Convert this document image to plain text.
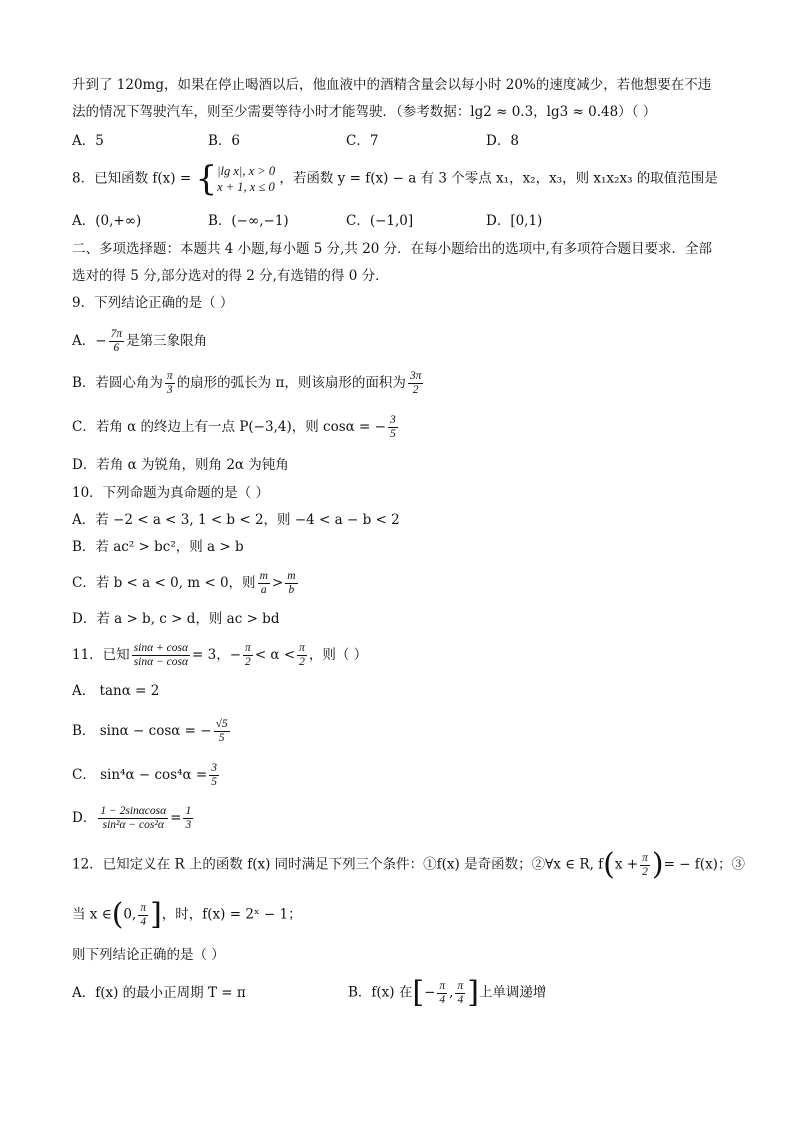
升到了 120mg，如果在停止喝酒以后，他血液中的酒精含量会以每小时 20%的速度减少，若他想要在不违
法的情况下驾驶汽车，则至少需要等待小时才能驾驶．（参考数据：lg2 ≈ 0.3，lg3 ≈ 0.48）（ ）
A．5	B．6	C．7	D．8
8．已知函数 f(x) = { |lg x|, x > 0
x + 1, x ≤ 0
，若函数 y = f(x) − a 有 3 个零点 x₁，x₂，x₃，则 x₁x₂x₃ 的取值范围是
A．(0,+∞)	B．(−∞,−1)	C．(−1,0]	D．[0,1)
二、多项选择题：本题共 4 小题,每小题 5 分,共 20 分．在每小题给出的选项中,有多项符合题目要求．全部
选对的得 5 分,部分选对的得 2 分,有选错的得 0 分．
9．下列结论正确的是（ ）
A．− $\frac{7\pi}{6}$ 是第三象限角
B．若圆心角为 $\frac{\pi}{3}$ 的扇形的弧长为 π，则该扇形的面积为 $\frac{3\pi}{2}$
C．若角 α 的终边上有一点 P(−3,4)，则 cosα = − $\frac{3}{5}$
D．若角 α 为锐角，则角 2α 为钝角
10．下列命题为真命题的是（ ）
A．若 −2 < a < 3, 1 < b < 2，则 −4 < a − b < 2
B．若 ac² > bc²，则 a > b
C．若 b < a < 0, m < 0，则 $\frac{m}{a} > \frac{m}{b}$
D．若 a > b, c > d，则 ac > bd
11．已知 $\frac{\sin\alpha + \cos\alpha}{\sin\alpha - \cos\alpha} = 3$，− $\frac{\pi}{2} < \alpha < \frac{\pi}{2}$ ，则（ ）
A． tanα = 2
B． sinα − cosα = − $\frac{√5}{5}$
C． $\sin^4\alpha - \cos^4\alpha = \frac{3}{5}$
D． $\frac{1 - 2\sin\alpha\cos\alpha}{\text{sin²α − cos²α}} = \frac{1}{3}$
12．已知定义在 R 上的函数 f(x) 同时满足下列三个条件：①f(x) 是奇函数；②∀x ∈ R, $f(x + \frac{\pi}{2}$ )= − f(x)；③
当 x ∈(0, $\frac{\pi}{4}$ ]，时，f(x) = 2ˣ − 1；
则下列结论正确的是（ ）
A．f(x) 的最小正周期 T = π	B．f(x) 在[− $\frac{\pi}{4}$ , $\frac{\pi}{4}$ ]上单调递增
